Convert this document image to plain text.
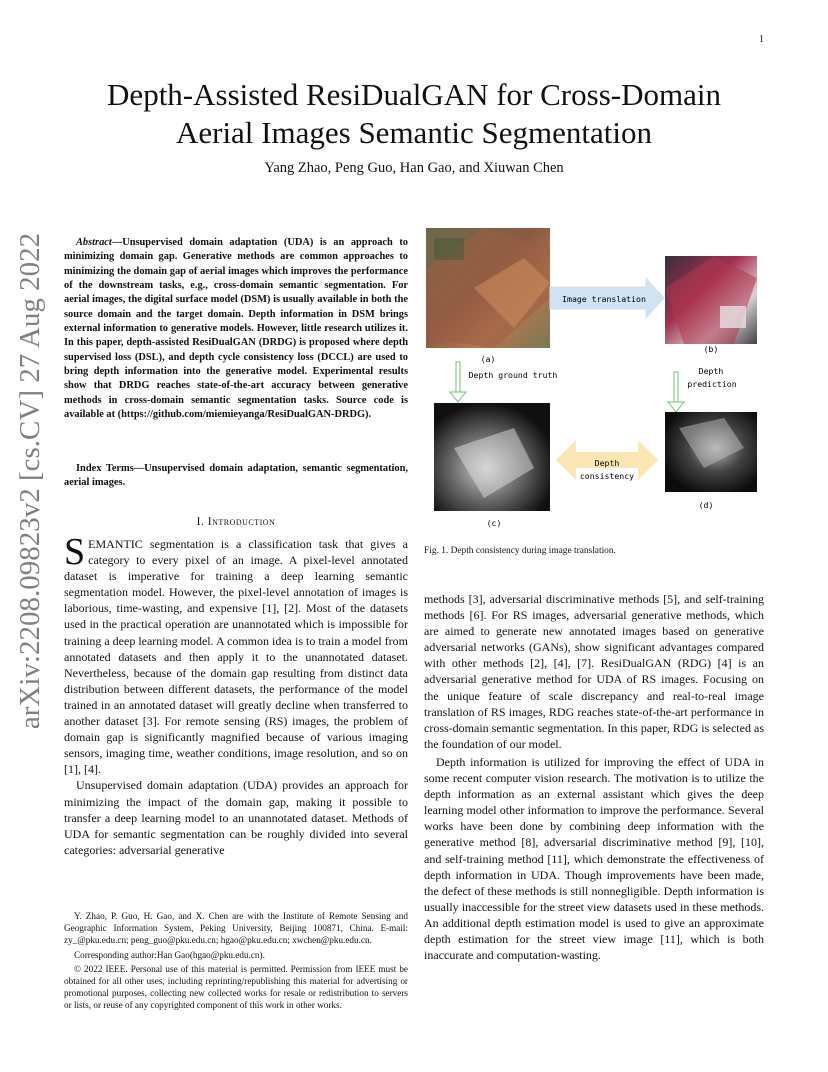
1
arXiv:2208.09823v2 [cs.CV] 27 Aug 2022
Depth-Assisted ResiDualGAN for Cross-Domain
Aerial Images Semantic Segmentation
Yang Zhao, Peng Guo, Han Gao, and Xiuwan Chen
Abstract—Unsupervised domain adaptation (UDA) is an approach to minimizing domain gap. Generative methods are common approaches to minimizing the domain gap of aerial images which improves the performance of the downstream tasks, e.g., cross-domain semantic segmentation. For aerial images, the digital surface model (DSM) is usually available in both the source domain and the target domain. Depth information in DSM brings external information to generative models. However, little research utilizes it. In this paper, depth-assisted ResiDualGAN (DRDG) is proposed where depth supervised loss (DSL), and depth cycle consistency loss (DCCL) are used to bring depth information into the generative model. Experimental results show that DRDG reaches state-of-the-art accuracy between generative methods in cross-domain semantic segmentation tasks. Source code is available at (https://github.com/miemieyanga/ResiDualGAN-DRDG).
Index Terms—Unsupervised domain adaptation, semantic segmentation, aerial images.
I. Introduction

SEMANTIC segmentation is a classification task that gives a category to every pixel of an image. A pixel-level annotated dataset is imperative for training a deep learning semantic segmentation model. However, the pixel-level annotation of images is laborious, time-wasting, and expensive [1], [2]. Most of the datasets used in the practical operation are unannotated which is impossible for training a deep learning model. A common idea is to train a model from annotated datasets and then apply it to the unannotated dataset. Nevertheless, because of the domain gap resulting from distinct data distribution between different datasets, the performance of the model trained in an annotated dataset will greatly decline when transferred to another dataset [3]. For remote sensing (RS) images, the problem of domain gap is significantly magnified because of various imaging sensors, imaging time, weather conditions, image resolution, and so on [1], [4].

Unsupervised domain adaptation (UDA) provides an approach for minimizing the impact of the domain gap, making it possible to transfer a deep learning model to an unannotated dataset. Methods of UDA for semantic segmentation can be roughly divided into several categories: adversarial generative

Y. Zhao, P. Guo, H. Gao, and X. Chen are with the Institute of Remote Sensing and Geographic Information System, Peking University, Beijing 100871, China. E-mail: zy_@pku.edu.cn; peng_guo@pku.edu.cn; hgao@pku.edu.cn; xwchen@pku.edu.cn.

Corresponding author:Han Gao(hgao@pku.edu.cn).

© 2022 IEEE. Personal use of this material is permitted. Permission from IEEE must be obtained for all other uses, including reprinting/republishing this material for advertising or promotional purposes, collecting new collected works for resale or redistribution to servers or lists, or reuse of any copyrighted component of this work in other works.

(a)
(b)
Image translation
Depth ground truth	Depth
prediction
(c)
(d)
Depth
consistency
Fig. 1. Depth consistency during image translation.

methods [3], adversarial discriminative methods [5], and self-training methods [6]. For RS images, adversarial generative methods, which are aimed to generate new annotated images based on generative adversarial networks (GANs), show significant advantages compared with other methods [2], [4], [7]. ResiDualGAN (RDG) [4] is an adversarial generative method for UDA of RS images. Focusing on the unique feature of scale discrepancy and real-to-real image translation of RS images, RDG reaches state-of-the-art performance in cross-domain semantic segmentation. In this paper, RDG is selected as the foundation of our model.

Depth information is utilized for improving the effect of UDA in some recent computer vision research. The motivation is to utilize the depth information as an external assistant which gives the deep learning model other information to improve the performance. Several works have been done by combining deep information with the generative method [8], adversarial discriminative method [9], [10], and self-training method [11], which demonstrate the effectiveness of depth information in UDA. Though improvements have been made, the defect of these methods is still nonnegligible. Depth information is usually inaccessible for the street view datasets used in these methods. An additional depth estimation model is used to give an approximate depth estimation for the street view image [11], which is both inaccurate and computation-wasting.
